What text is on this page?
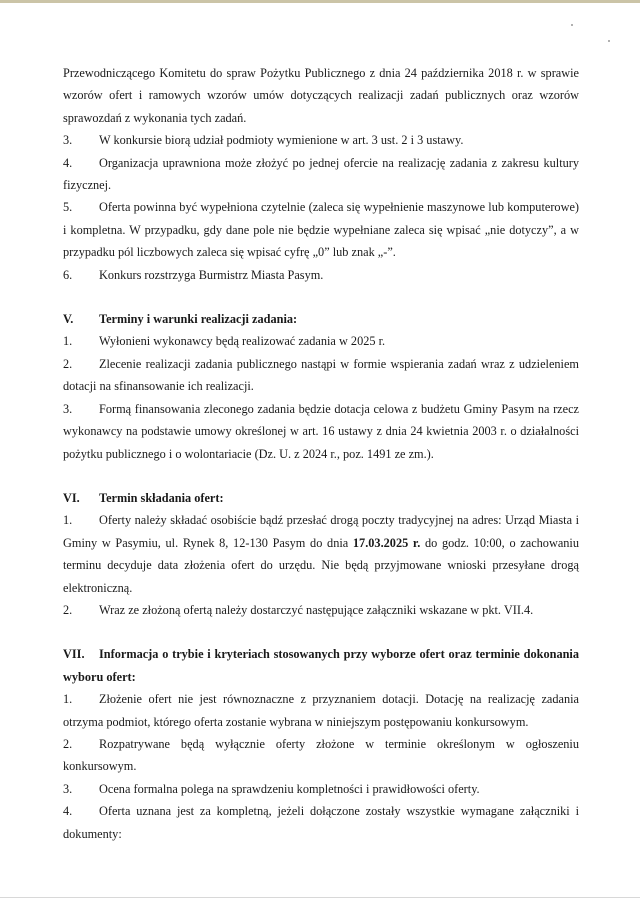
Przewodniczącego Komitetu do spraw Pożytku Publicznego z dnia 24 października 2018 r. w sprawie wzorów ofert i ramowych wzorów umów dotyczących realizacji zadań publicznych oraz wzorów sprawozdań z wykonania tych zadań.

3. W konkursie biorą udział podmioty wymienione w art. 3 ust. 2 i 3 ustawy.

4. Organizacja uprawniona może złożyć po jednej ofercie na realizację zadania z zakresu kultury fizycznej.

5. Oferta powinna być wypełniona czytelnie (zaleca się wypełnienie maszynowe lub komputerowe) i kompletna. W przypadku, gdy dane pole nie będzie wypełniane zaleca się wpisać „nie dotyczy”, a w przypadku pól liczbowych zaleca się wpisać cyfrę „0” lub znak „-”.

6. Konkurs rozstrzyga Burmistrz Miasta Pasym.

V. Terminy i warunki realizacji zadania:

1. Wyłonieni wykonawcy będą realizować zadania w 2025 r.

2. Zlecenie realizacji zadania publicznego nastąpi w formie wspierania zadań wraz z udzieleniem dotacji na sfinansowanie ich realizacji.

3. Formą finansowania zleconego zadania będzie dotacja celowa z budżetu Gminy Pasym na rzecz wykonawcy na podstawie umowy określonej w art. 16 ustawy z dnia 24 kwietnia 2003 r. o działalności pożytku publicznego i o wolontariacie (Dz. U. z 2024 r., poz. 1491 ze zm.).

VI. Termin składania ofert:

1. Oferty należy składać osobiście bądź przesłać drogą poczty tradycyjnej na adres: Urząd Miasta i Gminy w Pasymiu, ul. Rynek 8, 12-130 Pasym do dnia 17.03.2025 r. do godz. 10:00, o zachowaniu terminu decyduje data złożenia ofert do urzędu. Nie będą przyjmowane wnioski przesyłane drogą elektroniczną.

2. Wraz ze złożoną ofertą należy dostarczyć następujące załączniki wskazane w pkt. VII.4.

VII. Informacja o trybie i kryteriach stosowanych przy wyborze ofert oraz terminie dokonania wyboru ofert:

1. Złożenie ofert nie jest równoznaczne z przyznaniem dotacji. Dotację na realizację zadania otrzyma podmiot, którego oferta zostanie wybrana w niniejszym postępowaniu konkursowym.

2. Rozpatrywane będą wyłącznie oferty złożone w terminie określonym w ogłoszeniu konkursowym.

3. Ocena formalna polega na sprawdzeniu kompletności i prawidłowości oferty.

4. Oferta uznana jest za kompletną, jeżeli dołączone zostały wszystkie wymagane załączniki i dokumenty:
